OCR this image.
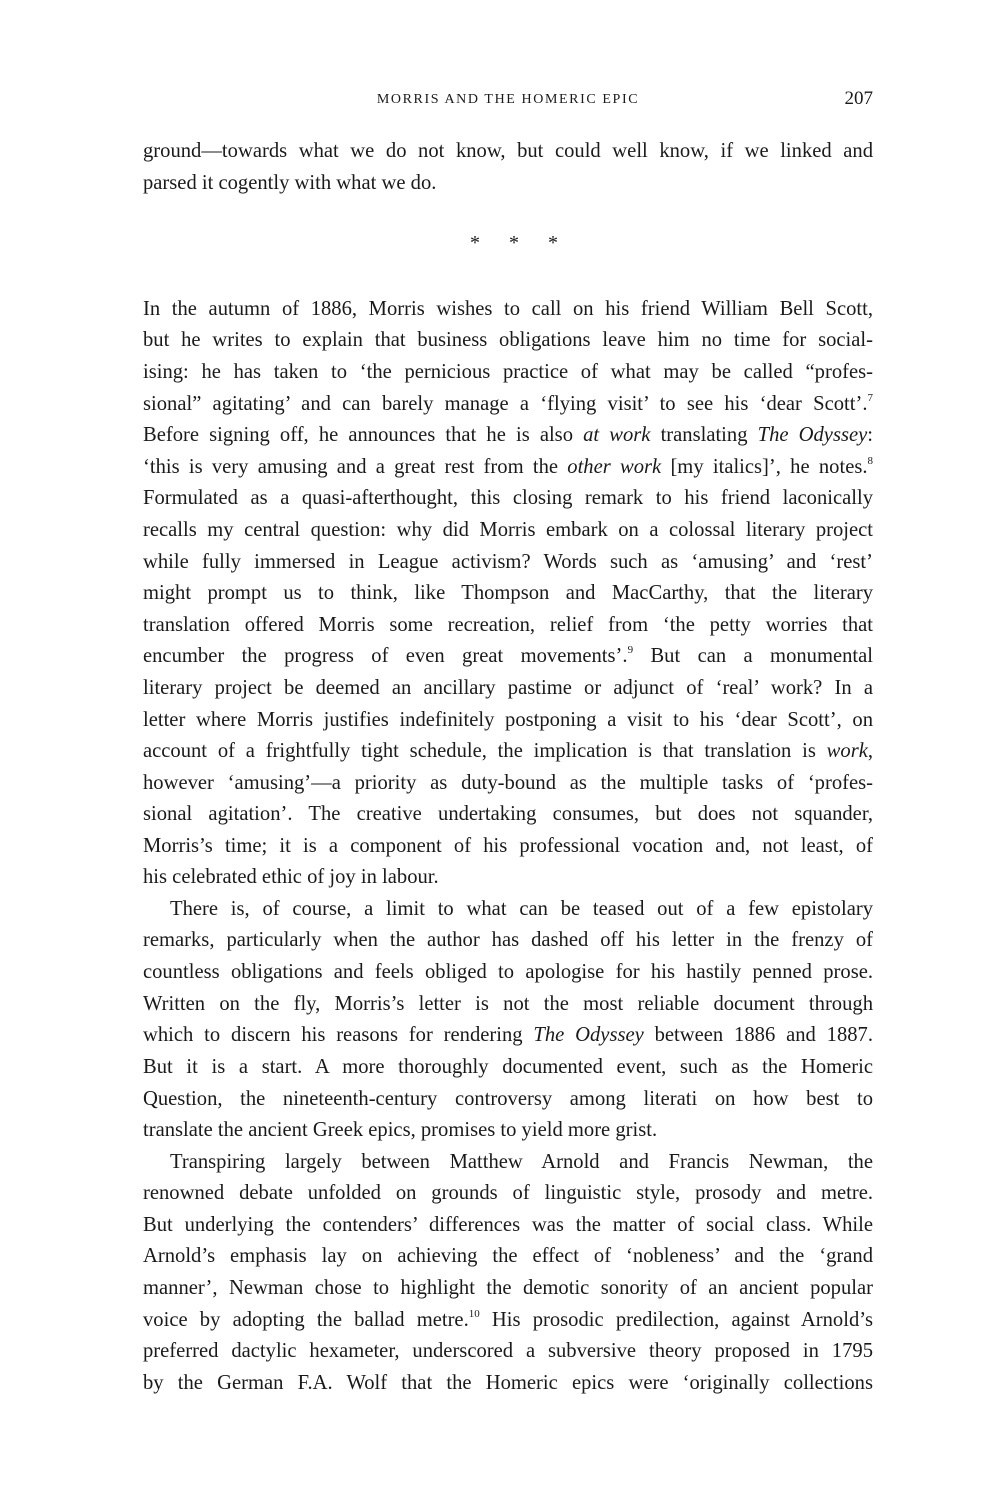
MORRIS AND THE HOMERIC EPIC	207
ground—towards what we do not know, but could well know, if we linked and
parsed it cogently with what we do.
* * *
In the autumn of 1886, Morris wishes to call on his friend William Bell Scott,
but he writes to explain that business obligations leave him no time for social-
ising: he has taken to ‘the pernicious practice of what may be called “profes-
sional” agitating’ and can barely manage a ‘flying visit’ to see his ‘dear Scott’.$^7$
Before signing off, he announces that he is also at work translating The Odyssey:
‘this is very amusing and a great rest from the other work [my italics]’, he notes.$^8$
Formulated as a quasi-afterthought, this closing remark to his friend laconically
recalls my central question: why did Morris embark on a colossal literary project
while fully immersed in League activism? Words such as ‘amusing’ and ‘rest’
might prompt us to think, like Thompson and MacCarthy, that the literary
translation offered Morris some recreation, relief from ‘the petty worries that
encumber the progress of even great movements’.$^9$ But can a monumental
literary project be deemed an ancillary pastime or adjunct of ‘real’ work? In a
letter where Morris justifies indefinitely postponing a visit to his ‘dear Scott’, on
account of a frightfully tight schedule, the implication is that translation is work,
however ‘amusing’—a priority as duty-bound as the multiple tasks of ‘profes-
sional agitation’. The creative undertaking consumes, but does not squander,
Morris’s time; it is a component of his professional vocation and, not least, of
his celebrated ethic of joy in labour.
There is, of course, a limit to what can be teased out of a few epistolary
remarks, particularly when the author has dashed off his letter in the frenzy of
countless obligations and feels obliged to apologise for his hastily penned prose.
Written on the fly, Morris’s letter is not the most reliable document through
which to discern his reasons for rendering The Odyssey between 1886 and 1887.
But it is a start. A more thoroughly documented event, such as the Homeric
Question, the nineteenth-century controversy among literati on how best to
translate the ancient Greek epics, promises to yield more grist.
Transpiring largely between Matthew Arnold and Francis Newman, the
renowned debate unfolded on grounds of linguistic style, prosody and metre.
But underlying the contenders’ differences was the matter of social class. While
Arnold’s emphasis lay on achieving the effect of ‘nobleness’ and the ‘grand
manner’, Newman chose to highlight the demotic sonority of an ancient popular
voice by adopting the ballad metre.$^{10}$ His prosodic predilection, against Arnold’s
preferred dactylic hexameter, underscored a subversive theory proposed in 1795
by the German F.A. Wolf that the Homeric epics were ‘originally collections
